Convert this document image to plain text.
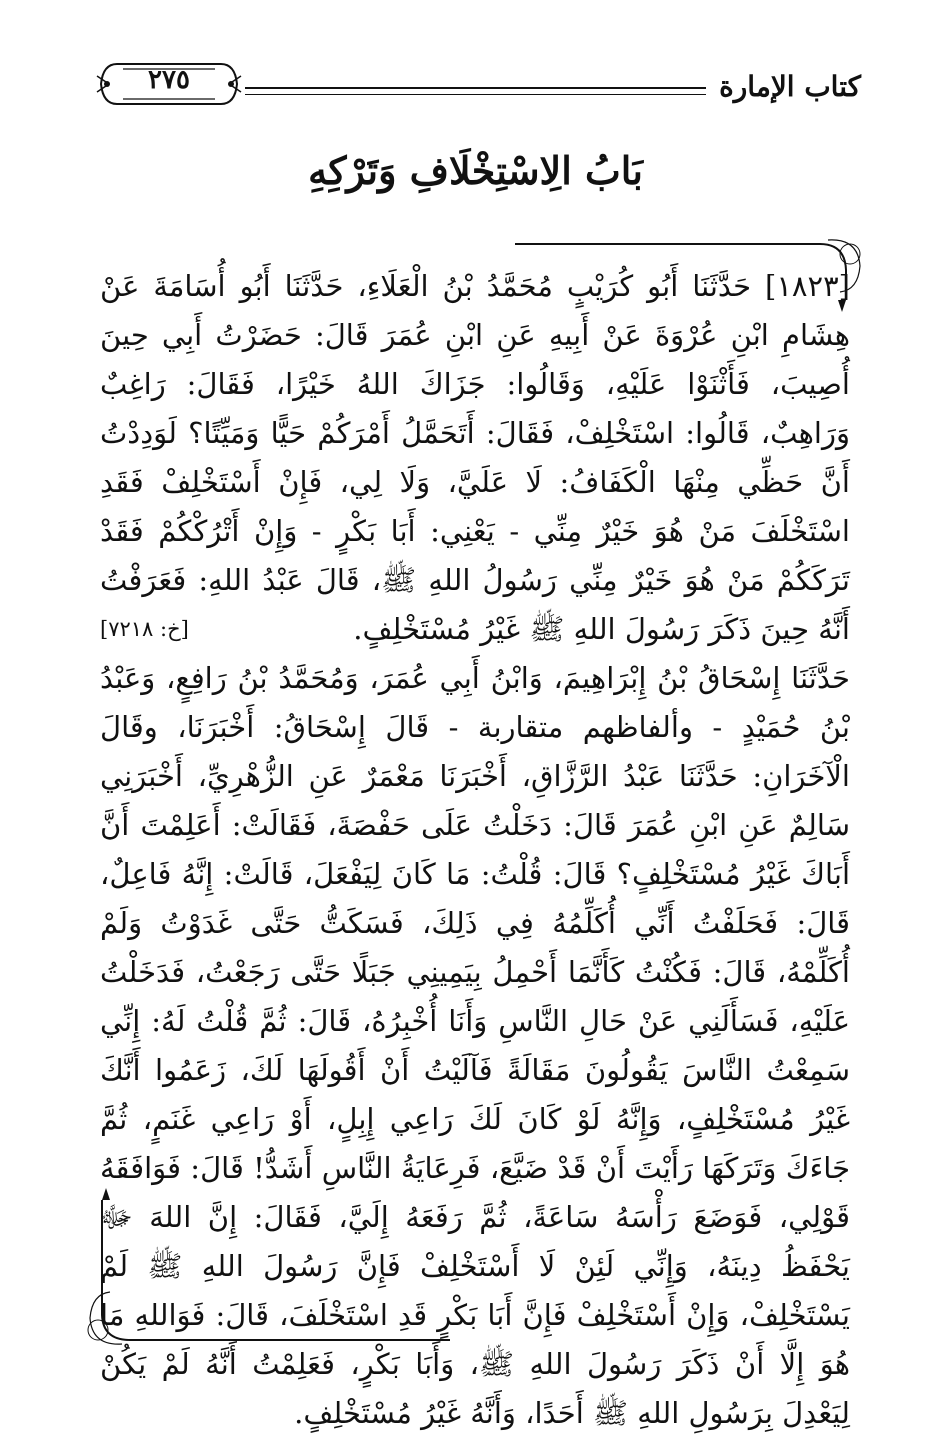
كتاب الإمارة
٢٧٥
بَابُ الِاسْتِخْلَافِ وَتَرْكِهِ

[١٨٢٣] حَدَّثَنَا أَبُو كُرَيْبٍ مُحَمَّدُ بْنُ الْعَلَاءِ، حَدَّثَنَا أَبُو أُسَامَةَ عَنْ هِشَامِ ابْنِ عُرْوَةَ عَنْ أَبِيهِ عَنِ ابْنِ عُمَرَ قَالَ: حَضَرْتُ أَبِي حِينَ أُصِيبَ، فَأَثْنَوْا عَلَيْهِ، وَقَالُوا: جَزَاكَ اللهُ خَيْرًا، فَقَالَ: رَاغِبٌ وَرَاهِبٌ، قَالُوا: اسْتَخْلِفْ، فَقَالَ: أَتَحَمَّلُ أَمْرَكُمْ حَيًّا وَمَيِّتًا؟ لَوَدِدْتُ أَنَّ حَظِّي مِنْهَا الْكَفَافُ: لَا عَلَيَّ، وَلَا لِي، فَإِنْ أَسْتَخْلِفْ فَقَدِ اسْتَخْلَفَ مَنْ هُوَ خَيْرٌ مِنِّي - يَعْنِي: أَبَا بَكْرٍ - وَإِنْ أَتْرُكْكُمْ فَقَدْ تَرَكَكُمْ مَنْ هُوَ خَيْرٌ مِنِّي رَسُولُ اللهِ ﷺ، قَالَ عَبْدُ اللهِ: فَعَرَفْتُ أَنَّهُ حِينَ ذَكَرَ رَسُولَ اللهِ ﷺ غَيْرُ مُسْتَخْلِفٍ.
[خ: ٧٢١٨]

حَدَّثَنَا إِسْحَاقُ بْنُ إِبْرَاهِيمَ، وَابْنُ أَبِي عُمَرَ، وَمُحَمَّدُ بْنُ رَافِعٍ، وَعَبْدُ بْنُ حُمَيْدٍ - وألفاظهم متقاربة - قَالَ إِسْحَاقُ: أَخْبَرَنَا، وقَالَ الْآخَرَانِ: حَدَّثَنَا عَبْدُ الرَّزَّاقِ، أَخْبَرَنَا مَعْمَرٌ عَنِ الزُّهْرِيِّ، أَخْبَرَنِي سَالِمٌ عَنِ ابْنِ عُمَرَ قَالَ: دَخَلْتُ عَلَى حَفْصَةَ، فَقَالَتْ: أَعَلِمْتَ أَنَّ أَبَاكَ غَيْرُ مُسْتَخْلِفٍ؟ قَالَ: قُلْتُ: مَا كَانَ لِيَفْعَلَ، قَالَتْ: إِنَّهُ فَاعِلٌ، قَالَ: فَحَلَفْتُ أَنِّي أُكَلِّمُهُ فِي ذَلِكَ، فَسَكَتُّ حَتَّى غَدَوْتُ وَلَمْ أُكَلِّمْهُ، قَالَ: فَكُنْتُ كَأَنَّمَا أَحْمِلُ بِيَمِينِي جَبَلًا حَتَّى رَجَعْتُ، فَدَخَلْتُ عَلَيْهِ، فَسَأَلَنِي عَنْ حَالِ النَّاسِ وَأَنَا أُخْبِرُهُ، قَالَ: ثُمَّ قُلْتُ لَهُ: إِنِّي سَمِعْتُ النَّاسَ يَقُولُونَ مَقَالَةً فَآلَيْتُ أَنْ أَقُولَهَا لَكَ، زَعَمُوا أَنَّكَ غَيْرُ مُسْتَخْلِفٍ، وَإِنَّهُ لَوْ كَانَ لَكَ رَاعِي إِبِلٍ، أَوْ رَاعِي غَنَمٍ، ثُمَّ جَاءَكَ وَتَرَكَهَا رَأَيْتَ أَنْ قَدْ ضَيَّعَ، فَرِعَايَةُ النَّاسِ أَشَدُّ! قَالَ: فَوَافَقَهُ قَوْلِي، فَوَضَعَ رَأْسَهُ سَاعَةً، ثُمَّ رَفَعَهُ إِلَيَّ، فَقَالَ: إِنَّ اللهَ ﷻ يَحْفَظُ دِينَهُ، وَإِنِّي لَئِنْ لَا أَسْتَخْلِفْ فَإِنَّ رَسُولَ اللهِ ﷺ لَمْ يَسْتَخْلِفْ، وَإِنْ أَسْتَخْلِفْ فَإِنَّ أَبَا بَكْرٍ قَدِ اسْتَخْلَفَ، قَالَ: فَوَاللهِ مَا هُوَ إِلَّا أَنْ ذَكَرَ رَسُولَ اللهِ ﷺ، وَأَبَا بَكْرٍ، فَعَلِمْتُ أَنَّهُ لَمْ يَكُنْ لِيَعْدِلَ بِرَسُولِ اللهِ ﷺ أَحَدًا، وَأَنَّهُ غَيْرُ مُسْتَخْلِفٍ.
